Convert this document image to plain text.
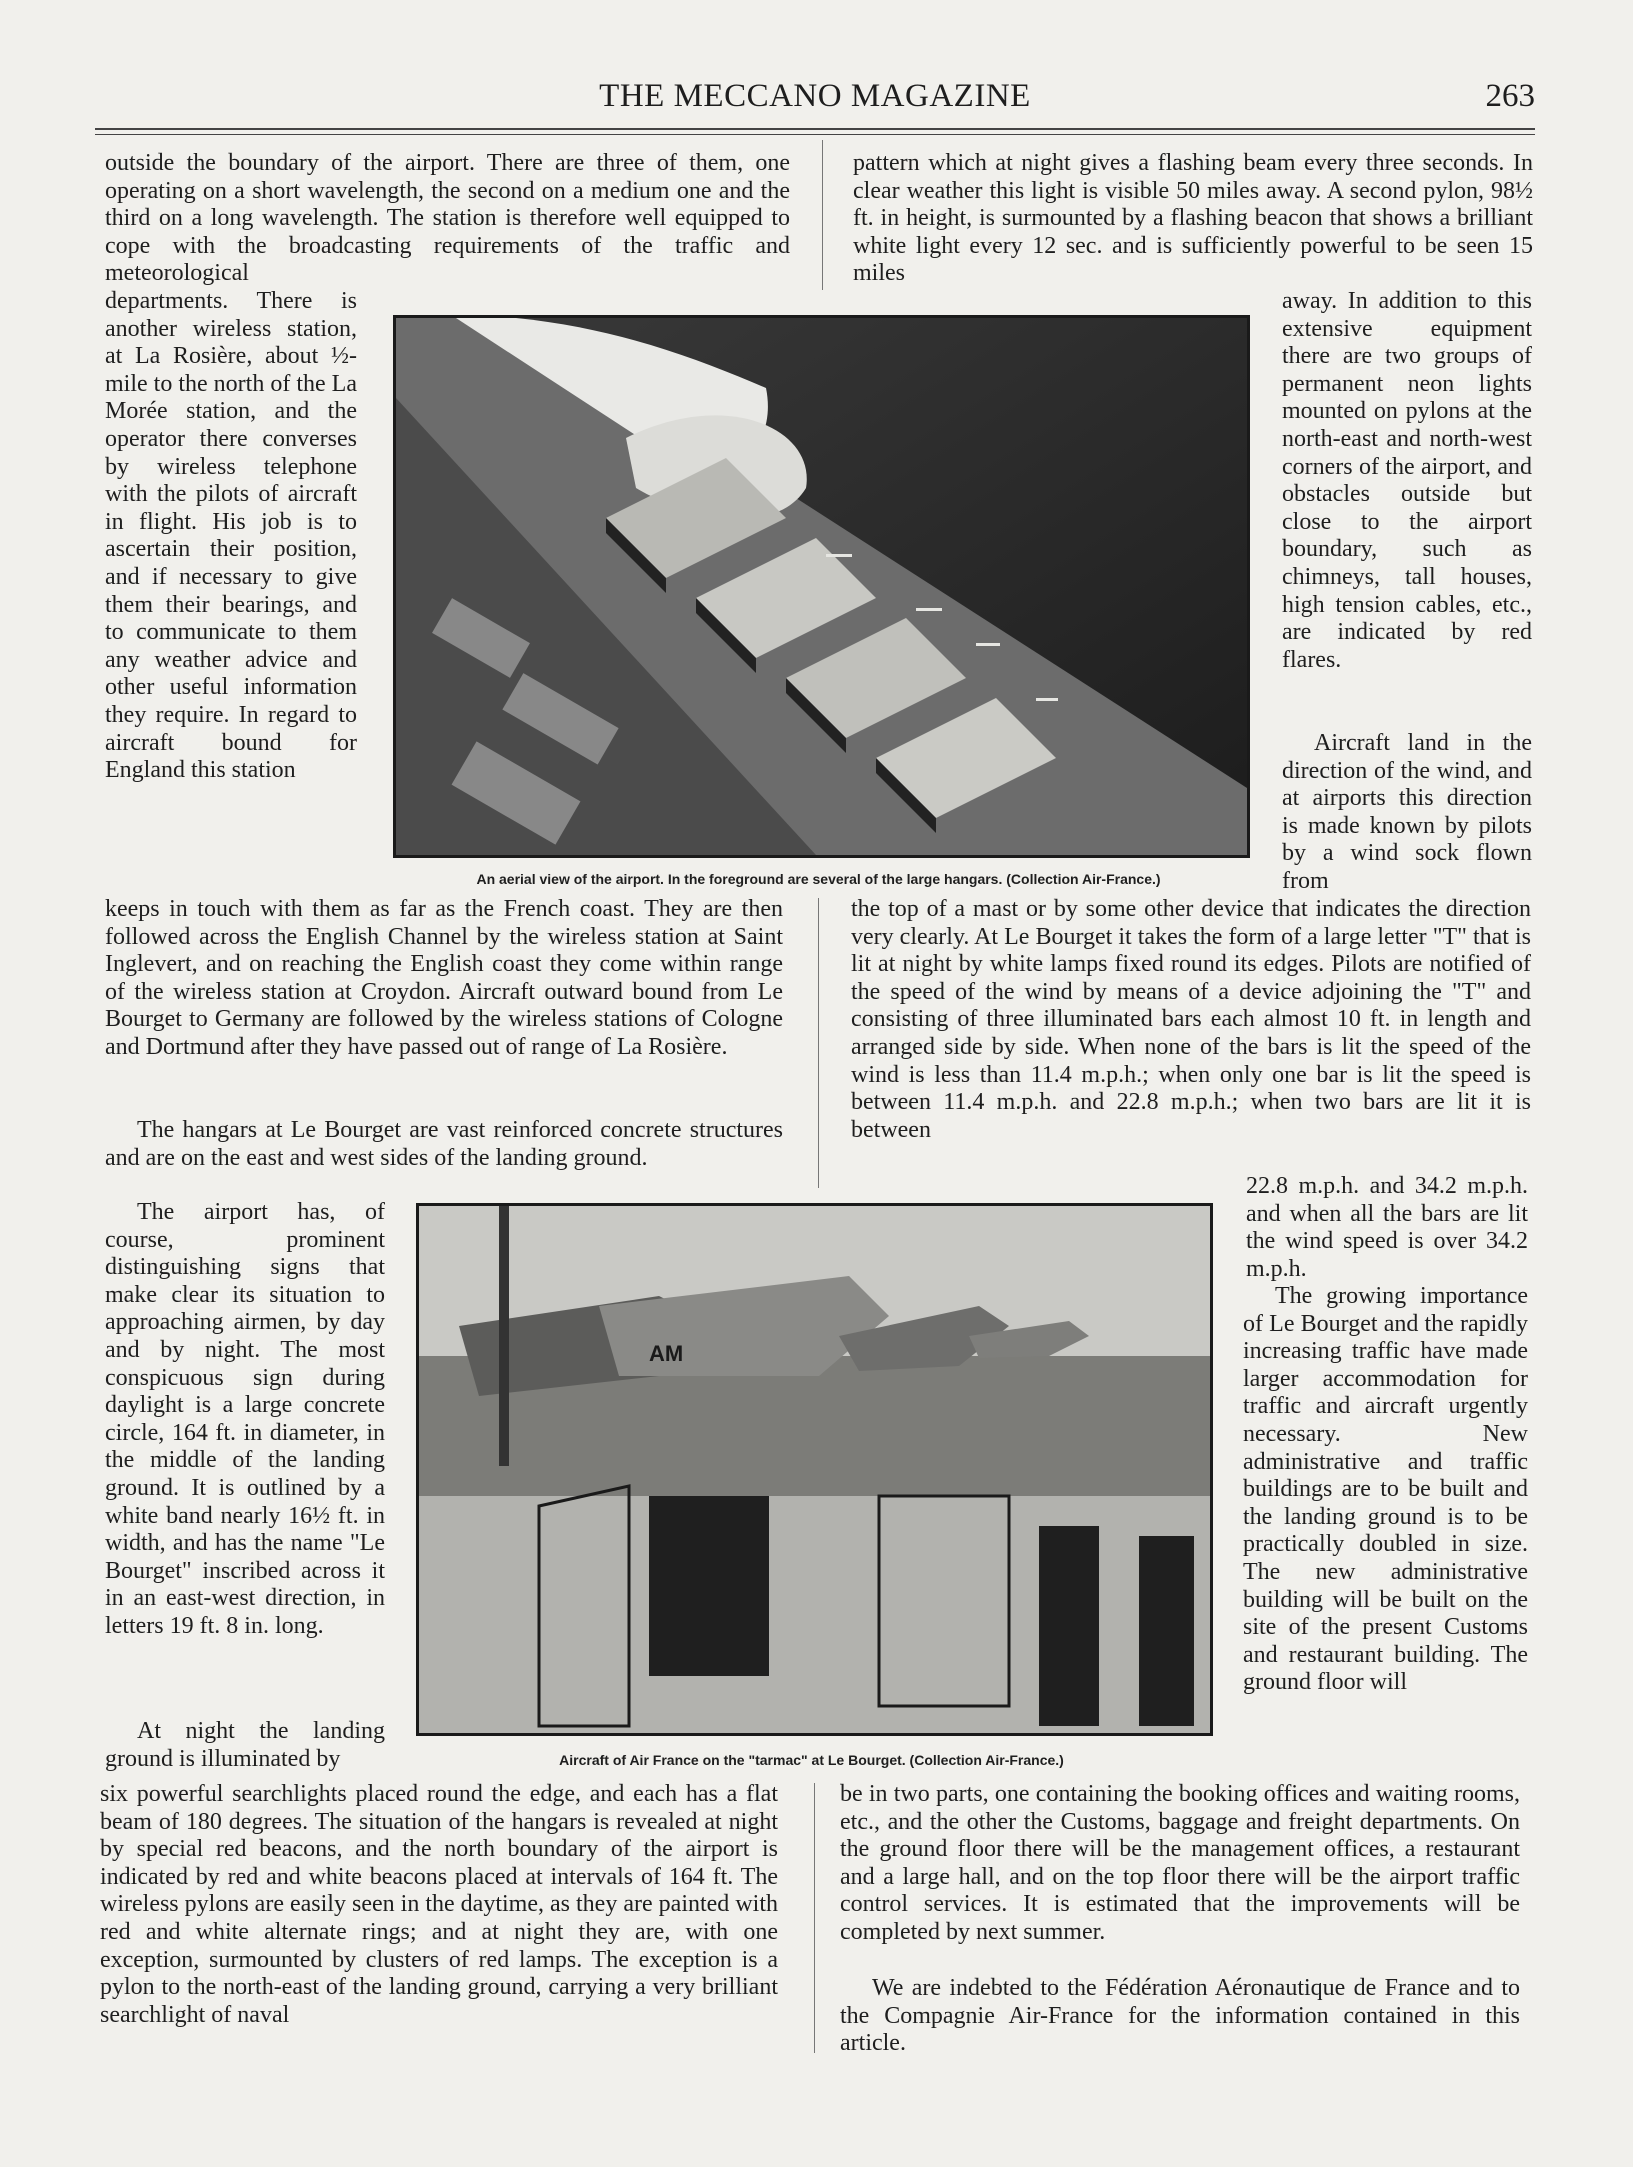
THE MECCANO MAGAZINE	263

outside the boundary of the airport. There are three of them, one operating on a short wavelength, the second on a medium one and the third on a long wavelength. The station is therefore well equipped to cope with the broadcasting requirements of the traffic and meteorological

departments. There is another wireless station, at La Rosière, about ½-mile to the north of the La Morée station, and the operator there converses by wireless telephone with the pilots of aircraft in flight. His job is to ascertain their position, and if necessary to give them their bearings, and to communicate to them any weather advice and other useful information they require. In regard to aircraft bound for England this station

keeps in touch with them as far as the French coast. They are then followed across the English Channel by the wireless station at Saint Inglevert, and on reaching the English coast they come within range of the wireless station at Croydon. Aircraft outward bound from Le Bourget to Germany are followed by the wireless stations of Cologne and Dortmund after they have passed out of range of La Rosière.

The hangars at Le Bourget are vast reinforced concrete structures and are on the east and west sides of the landing ground.

The airport has, of course, prominent distinguishing signs that make clear its situation to approaching airmen, by day and by night. The most conspicuous sign during daylight is a large concrete circle, 164 ft. in diameter, in the middle of the landing ground. It is outlined by a white band nearly 16½ ft. in width, and has the name "Le Bourget" inscribed across it in an east-west direction, in letters 19 ft. 8 in. long.

At night the landing ground is illuminated by

six powerful searchlights placed round the edge, and each has a flat beam of 180 degrees. The situation of the hangars is revealed at night by special red beacons, and the north boundary of the airport is indicated by red and white beacons placed at intervals of 164 ft. The wireless pylons are easily seen in the daytime, as they are painted with red and white alternate rings; and at night they are, with one exception, surmounted by clusters of red lamps. The exception is a pylon to the north-east of the landing ground, carrying a very brilliant searchlight of naval

pattern which at night gives a flashing beam every three seconds. In clear weather this light is visible 50 miles away. A second pylon, 98½ ft. in height, is surmounted by a flashing beacon that shows a brilliant white light every 12 sec. and is sufficiently powerful to be seen 15 miles

away. In addition to this extensive equipment there are two groups of permanent neon lights mounted on pylons at the north-east and north-west corners of the airport, and obstacles outside but close to the airport boundary, such as chimneys, tall houses, high tension cables, etc., are indicated by red flares.

Aircraft land in the direction of the wind, and at airports this direction is made known by pilots by a wind sock flown from

the top of a mast or by some other device that indicates the direction very clearly. At Le Bourget it takes the form of a large letter "T" that is lit at night by white lamps fixed round its edges. Pilots are notified of the speed of the wind by means of a device adjoining the "T" and consisting of three illuminated bars each almost 10 ft. in length and arranged side by side. When none of the bars is lit the speed of the wind is less than 11.4 m.p.h.; when only one bar is lit the speed is between 11.4 m.p.h. and 22.8 m.p.h.; when two bars are lit it is between

22.8 m.p.h. and 34.2 m.p.h. and when all the bars are lit the wind speed is over 34.2 m.p.h.

The growing importance of Le Bourget and the rapidly increasing traffic have made larger accommodation for traffic and aircraft urgently necessary. New administrative and traffic buildings are to be built and the landing ground is to be practically doubled in size. The new administrative building will be built on the site of the present Customs and restaurant building. The ground floor will

be in two parts, one containing the booking offices and waiting rooms, etc., and the other the Customs, baggage and freight departments. On the ground floor there will be the management offices, a restaurant and a large hall, and on the top floor there will be the airport traffic control services. It is estimated that the improvements will be completed by next summer.

We are indebted to the Fédération Aéronautique de France and to the Compagnie Air-France for the information contained in this article.

An aerial view of the airport. In the foreground are several of the large hangars. (Collection Air-France.)
AM
Aircraft of Air France on the "tarmac" at Le Bourget. (Collection Air-France.)
